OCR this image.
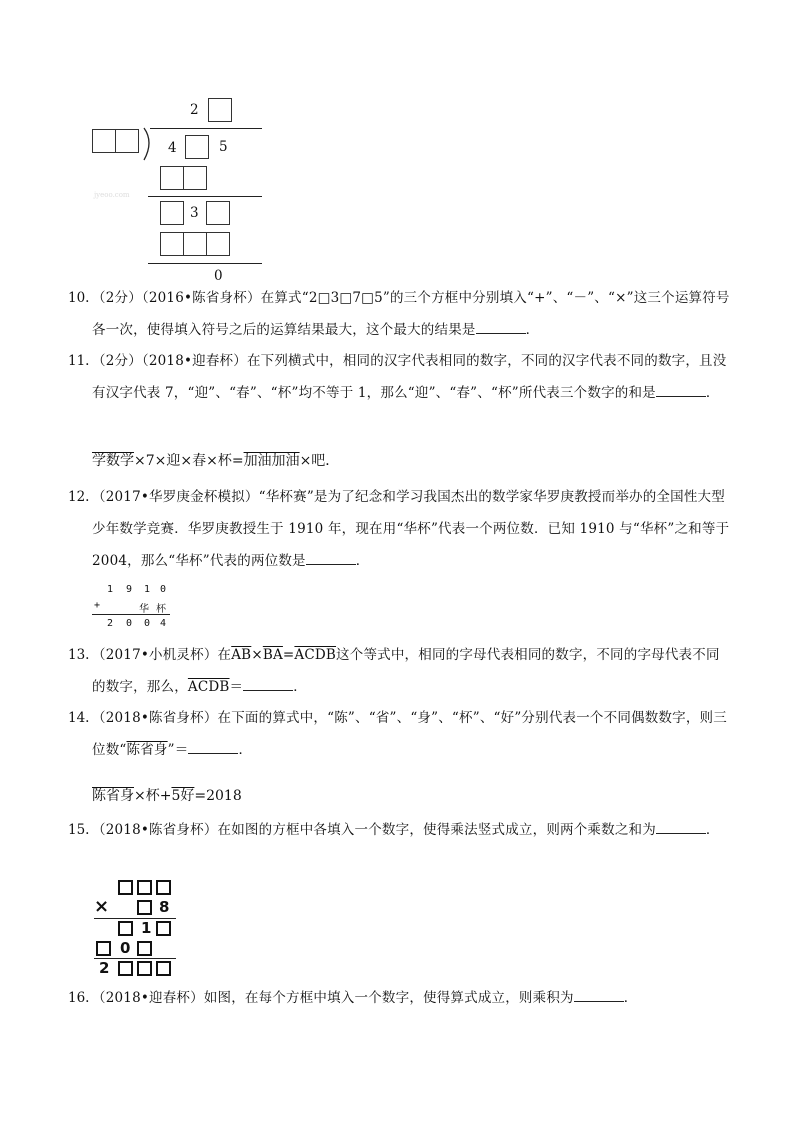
2
4	5
jyeoo.com
3
0
10. （2分）（2016•陈省身杯）在算式“2□3□7□5”的三个方框中分别填入“+”、“－”、“×”这三个运算符号各一次，使得填入符号之后的运算结果最大，这个最大的结果是	．
11. （2分）（2018•迎春杯）在下列横式中，相同的汉字代表相同的数字，不同的汉字代表不同的数字，且没有汉字代表 7，“迎”、“春”、“杯”均不等于 1，那么“迎”、“春”、“杯”所代表三个数字的和是	．
学数学×7×迎×春×杯=加油加油×吧．
12. （2017•华罗庚金杯模拟）“华杯赛”是为了纪念和学习我国杰出的数学家华罗庚教授而举办的全国性大型少年数学竞赛．华罗庚教授生于 1910 年，现在用“华杯”代表一个两位数．已知 1910 与“华杯”之和等于 2004，那么“华杯”代表的两位数是	．
1 9 1 0
+	华 杯
2 0 0 4
13. （2017•小机灵杯）在$\overline{AB}\times\overline{BA}=ACDB$这个等式中，相同的字母代表相同的数字，不同的字母代表不同的数字，那么，ACDB＝	．
14. （2018•陈省身杯）在下面的算式中，“陈”、“省”、“身”、“杯”、“好”分别代表一个不同偶数数字，则三位数“陈省身”＝	．
陈省身×杯+5好=2018
15. （2018•陈省身杯）在如图的方框中各填入一个数字，使得乘法竖式成立，则两个乘数之和为	．
×	8
1
0
2
16. （2018•迎春杯）如图，在每个方框中填入一个数字，使得算式成立，则乘积为	．
